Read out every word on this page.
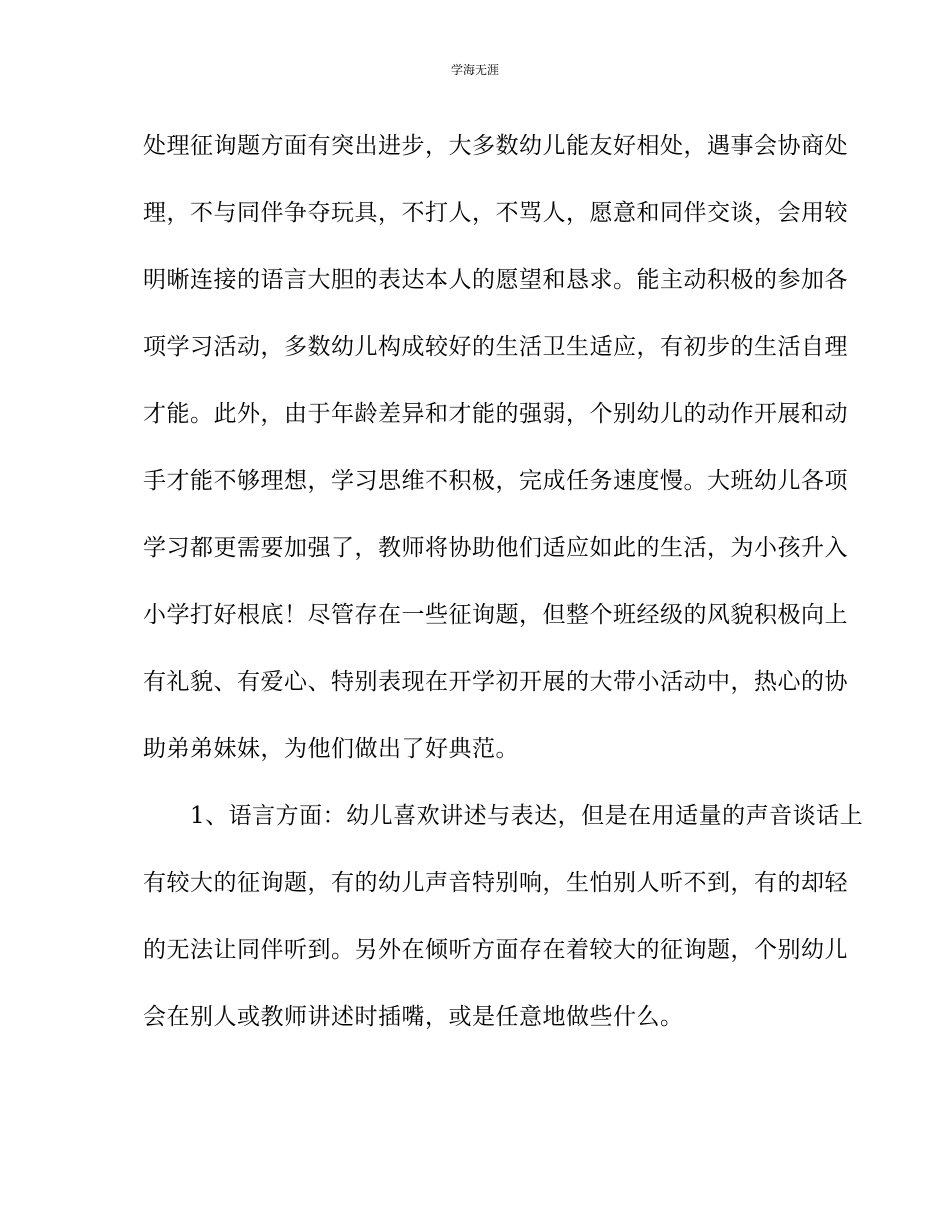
学海无涯
处理征询题方面有突出进步，大多数幼儿能友好相处，遇事会协商处
理，不与同伴争夺玩具，不打人，不骂人，愿意和同伴交谈，会用较
明晰连接的语言大胆的表达本人的愿望和恳求。能主动积极的参加各
项学习活动，多数幼儿构成较好的生活卫生适应，有初步的生活自理
才能。此外，由于年龄差异和才能的强弱，个别幼儿的动作开展和动
手才能不够理想，学习思维不积极，完成任务速度慢。大班幼儿各项
学习都更需要加强了，教师将协助他们适应如此的生活，为小孩升入
小学打好根底！尽管存在一些征询题，但整个班经级的风貌积极向上
有礼貌、有爱心、特别表现在开学初开展的大带小活动中，热心的协
助弟弟妹妹，为他们做出了好典范。
　　1、语言方面：幼儿喜欢讲述与表达，但是在用适量的声音谈话上
有较大的征询题，有的幼儿声音特别响，生怕别人听不到，有的却轻
的无法让同伴听到。另外在倾听方面存在着较大的征询题，个别幼儿
会在别人或教师讲述时插嘴，或是任意地做些什么。
